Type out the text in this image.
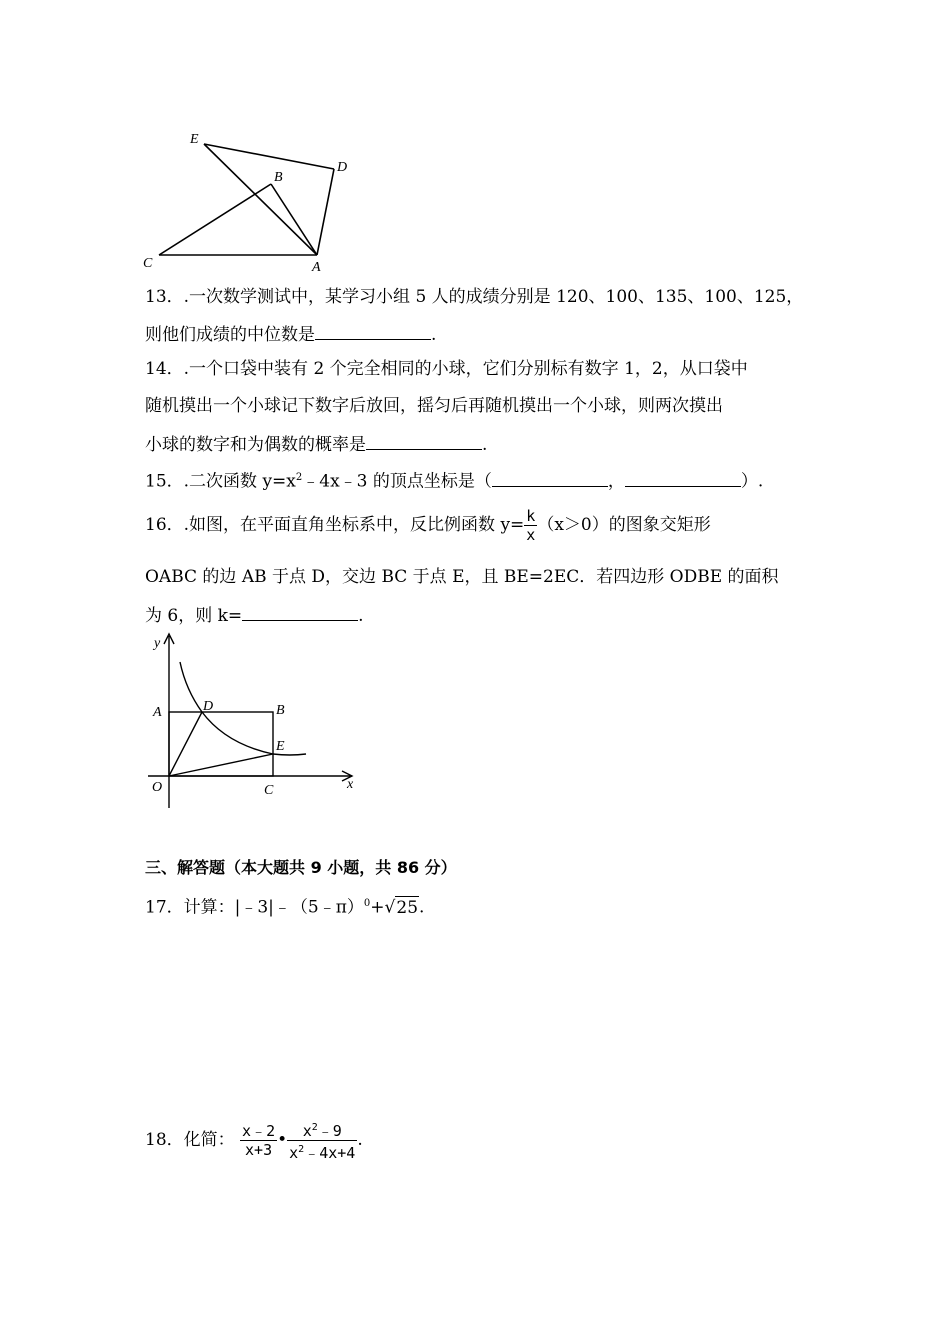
E
D
B
C	A
13．.一次数学测试中，某学习小组 5 人的成绩分别是 120、100、135、100、125，
则他们成绩的中位数是	.
14．.一个口袋中装有 2 个完全相同的小球，它们分别标有数字 1，2，从口袋中
随机摸出一个小球记下数字后放回，摇匀后再随机摸出一个小球，则两次摸出
小球的数字和为偶数的概率是	.
15．.二次函数 $y=x^2﹣4x﹣3$ 的顶点坐标是（	，	）.
16．.如图，在平面直角坐标系中，反比例函数 $y= \frac{k}{x} (x>0)$的图象交矩形
OABC 的边 AB 于点 D，交边 BC 于点 E，且 BE=2EC．若四边形 ODBE 的面积
为 6，则 k=	.
y
x
O
A	D	B
E
C
三、解答题（本大题共 9 小题，共 86 分）
17．计算：|﹣3|﹣（5﹣π）$^0$+√25.
18．化简： $\frac{x﹣2}{x+3}$ • $\frac{x^2﹣9}{x^2﹣4x+4}$ .
